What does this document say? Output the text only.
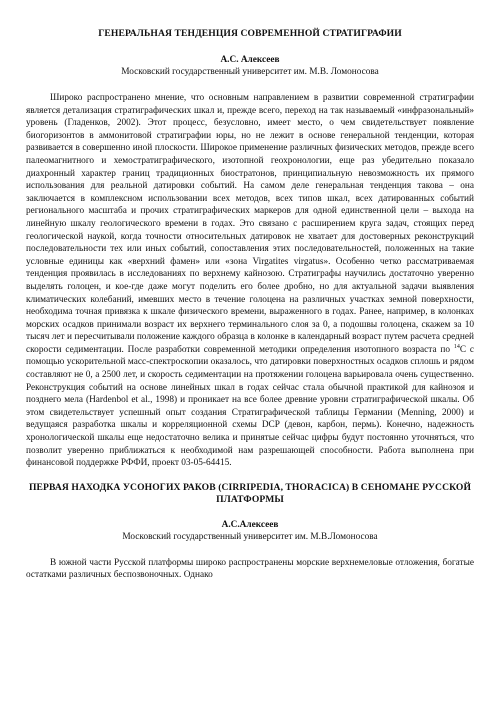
ГЕНЕРАЛЬНАЯ ТЕНДЕНЦИЯ СОВРЕМЕННОЙ СТРАТИГРАФИИ

А.С. Алексеев

Московский государственный университет им. М.В. Ломоносова

Широко распространено мнение, что основным направлением в развитии современной стратиграфии является детализация стратиграфических шкал и, прежде всего, переход на так называемый «инфразональный» уровень (Гладенков, 2002). Этот процесс, безусловно, имеет место, о чем свидетельствует появление биогоризонтов в аммонитовой стратиграфии юры, но не лежит в основе генеральной тенденции, которая развивается в совершенно иной плоскости. Широкое применение различных физических методов, прежде всего палеомагнитного и хемостратиграфического, изотопной геохронологии, еще раз убедительно показало диахронный характер границ традиционных биостратонов, принципиальную невозможность их прямого использования для реальной датировки событий. На самом деле генеральная тенденция такова – она заключается в комплексном использовании всех методов, всех типов шкал, всех датированных событий регионального масштаба и прочих стратиграфических маркеров для одной единственной цели – выхода на линейную шкалу геологического времени в годах. Это связано с расширением круга задач, стоящих перед геологической наукой, когда точности относительных датировок не хватает для достоверных реконструкций последовательности тех или иных событий, сопоставления этих последовательностей, положенных на такие условные единицы как «верхний фамен» или «зона Virgatites virgatus». Особенно четко рассматриваемая тенденция проявилась в исследованиях по верхнему кайнозою. Стратиграфы научились достаточно уверенно выделять голоцен, и кое-где даже могут поделить его более дробно, но для актуальной задачи выявления климатических колебаний, имевших место в течение голоцена на различных участках земной поверхности, необходима точная привязка к шкале физического времени, выраженного в годах. Ранее, например, в колонках морских осадков принимали возраст их верхнего терминального слоя за 0, а подошвы голоцена, скажем за 10 тысяч лет и пересчитывали положение каждого образца в колонке в календарный возраст путем расчета средней скорости седиментации. После разработки современной методики определения изотопного возраста по $^{14}$С с помощью ускорительной масс-спектроскопии оказалось, что датировки поверхностных осадков сплошь и рядом составляют не 0, а 2500 лет, и скорость седиментации на протяжении голоцена варьировала очень существенно. Реконструкция событий на основе линейных шкал в годах сейчас стала обычной практикой для кайнозоя и позднего мела (Hardenbol et al., 1998) и проникает на все более древние уровни стратиграфической шкалы. Об этом свидетельствует успешный опыт создания Стратиграфической таблицы Германии (Menning, 2000) и ведущаяся разработка шкалы и корреляционной схемы DCP (девон, карбон, пермь). Конечно, надежность хронологической шкалы еще недостаточно велика и принятые сейчас цифры будут постоянно уточняться, что позволит уверенно приближаться к необходимой нам разрешающей способности. Работа выполнена при финансовой поддержке РФФИ, проект 03-05-64415.

ПЕРВАЯ НАХОДКА УСОНОГИХ РАКОВ (CIRRIPEDIA, THORACICA) В СЕНОМАНЕ РУССКОЙ ПЛАТФОРМЫ

А.С.Алексеев

Московский государственный университет им. М.В.Ломоносова

В южной части Русской платформы широко распространены морские верхнемеловые отложения, богатые остатками различных беспозвоночных. Однако
